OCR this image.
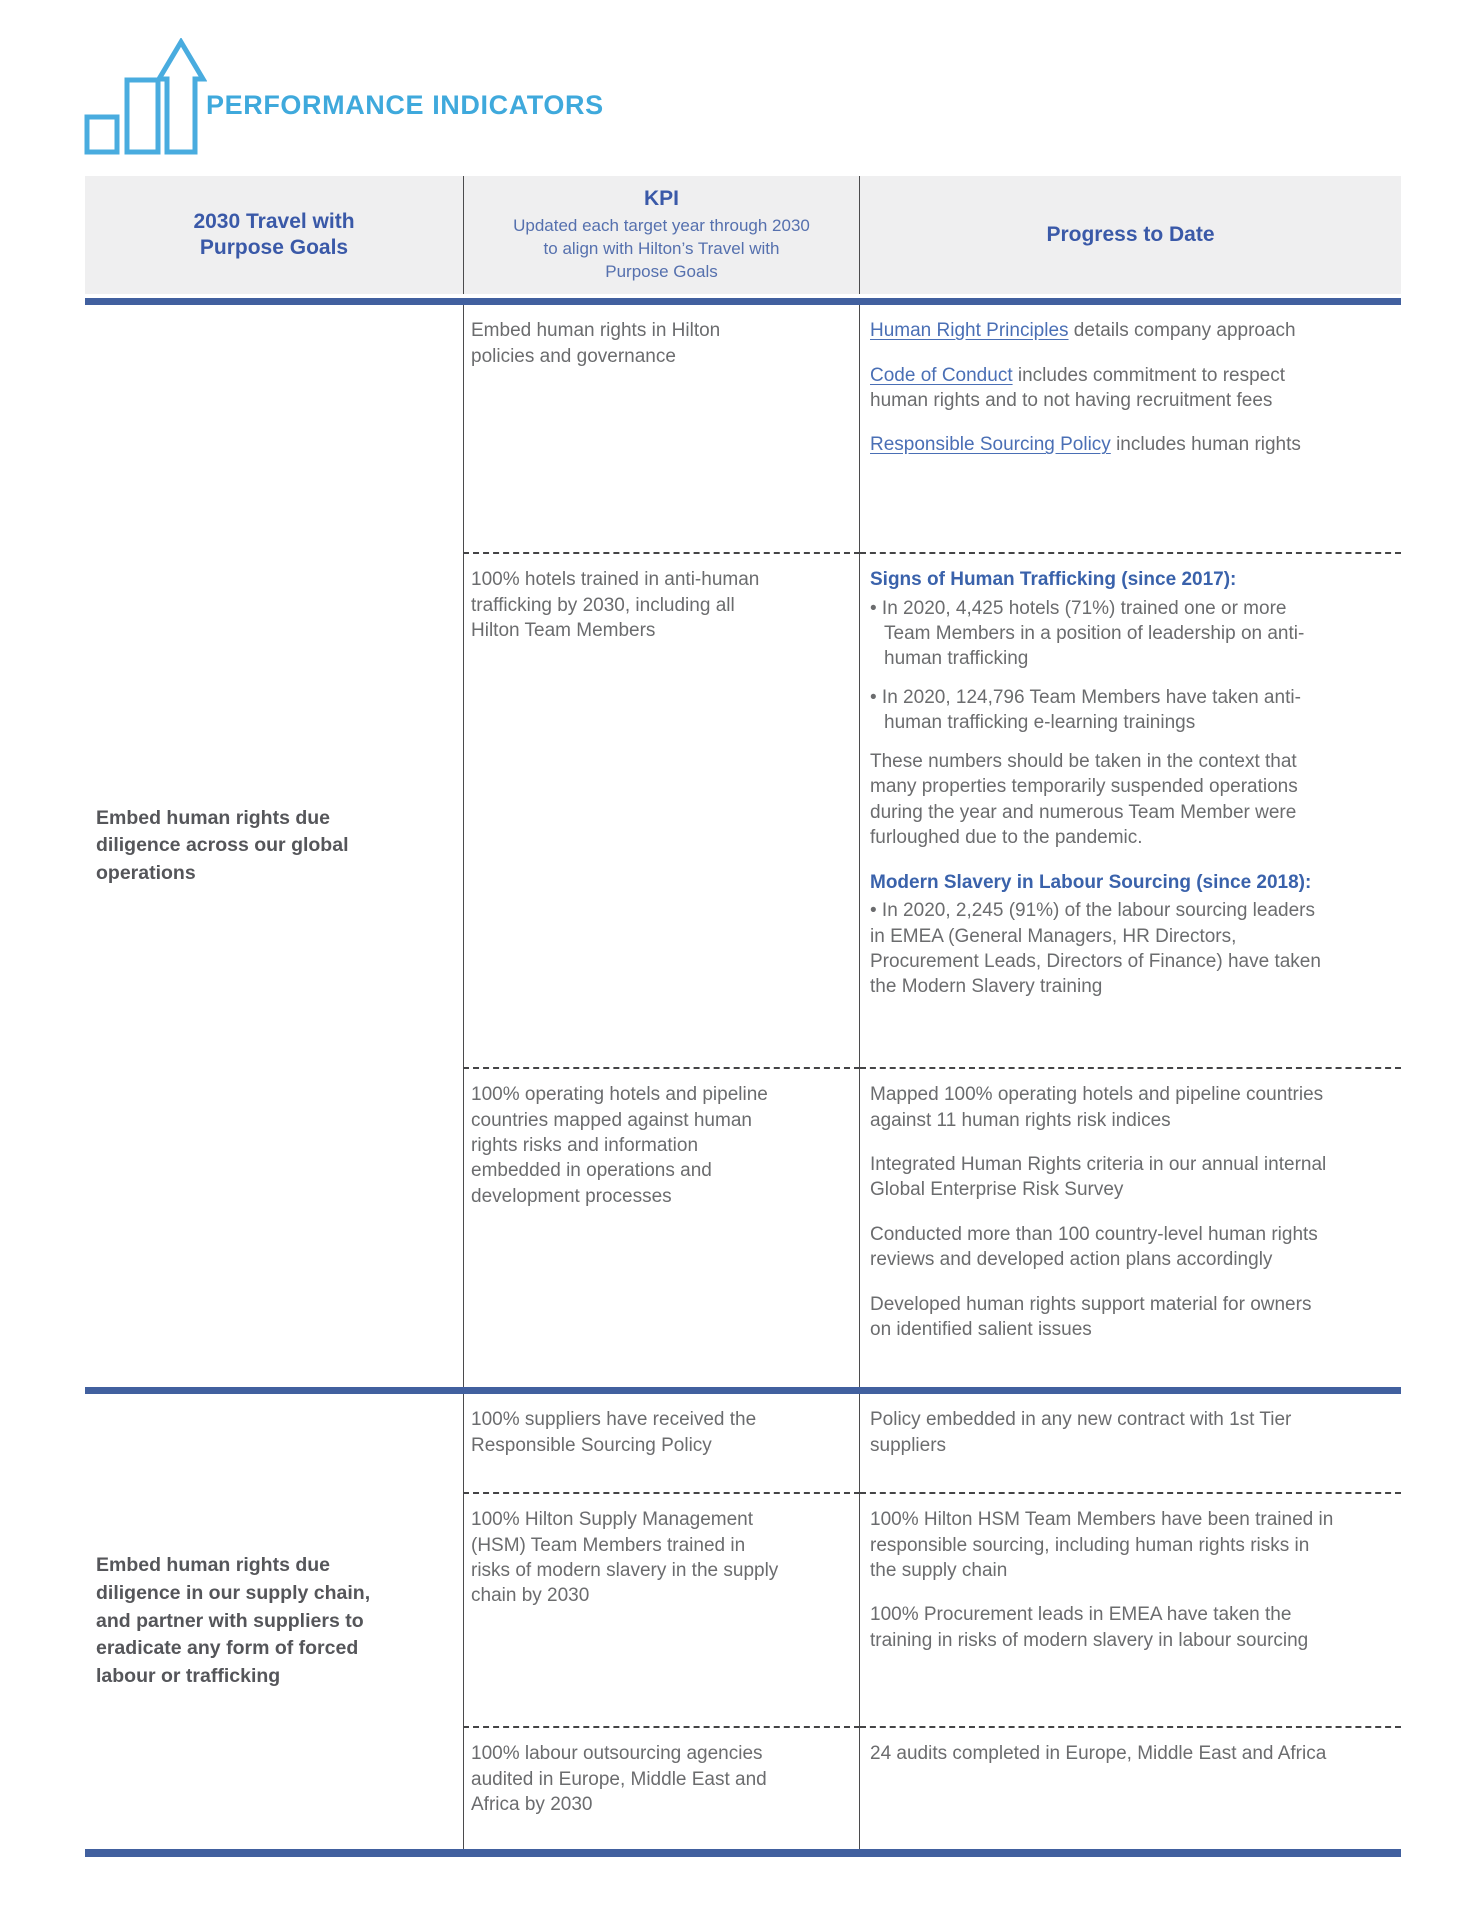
PERFORMANCE INDICATORS
2030 Travel with Purpose Goals
KPI
Updated each target year through 2030 to align with Hilton’s Travel with Purpose Goals
Progress to Date

Embed human rights due diligence across our global operations

Embed human rights in Hilton policies and governance

Human Right Principles details company approach

Code of Conduct includes commitment to respect human rights and to not having recruitment fees

Responsible Sourcing Policy includes human rights

100% hotels trained in anti-human trafficking by 2030, including all Hilton Team Members

Signs of Human Trafficking (since 2017):

• In 2020, 4,425 hotels (71%) trained one or more Team Members in a position of leadership on anti-human trafficking

• In 2020, 124,796 Team Members have taken anti-human trafficking e-learning trainings

These numbers should be taken in the context that many properties temporarily suspended operations during the year and numerous Team Member were furloughed due to the pandemic.

Modern Slavery in Labour Sourcing (since 2018):

• In 2020, 2,245 (91%) of the labour sourcing leaders in EMEA (General Managers, HR Directors, Procurement Leads, Directors of Finance) have taken the Modern Slavery training

100% operating hotels and pipeline countries mapped against human rights risks and information embedded in operations and development processes

Mapped 100% operating hotels and pipeline countries against 11 human rights risk indices

Integrated Human Rights criteria in our annual internal Global Enterprise Risk Survey

Conducted more than 100 country-level human rights reviews and developed action plans accordingly

Developed human rights support material for owners on identified salient issues

Embed human rights due diligence in our supply chain, and partner with suppliers to eradicate any form of forced labour or trafficking

100% suppliers have received the Responsible Sourcing Policy

Policy embedded in any new contract with 1st Tier suppliers

100% Hilton Supply Management (HSM) Team Members trained in risks of modern slavery in the supply chain by 2030

100% Hilton HSM Team Members have been trained in responsible sourcing, including human rights risks in the supply chain

100% Procurement leads in EMEA have taken the training in risks of modern slavery in labour sourcing

100% labour outsourcing agencies audited in Europe, Middle East and Africa by 2030

24 audits completed in Europe, Middle East and Africa
